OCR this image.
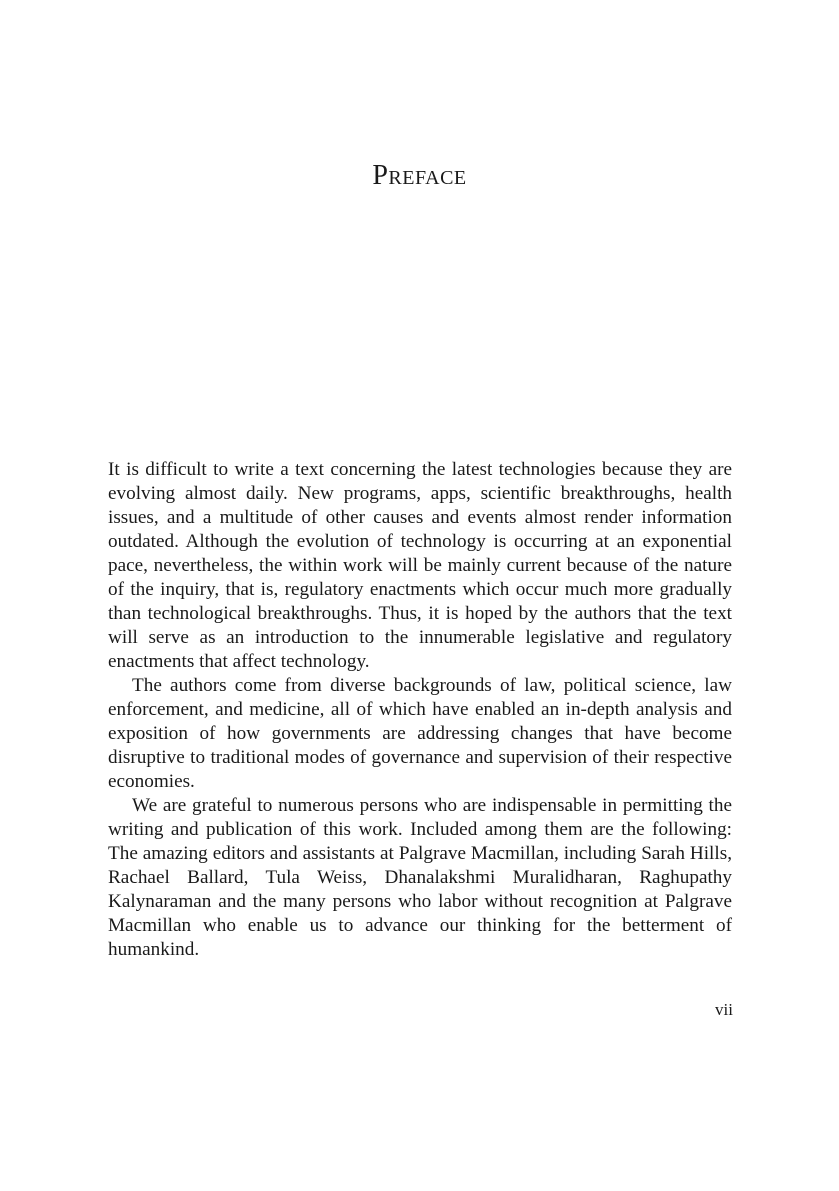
Preface

It is difficult to write a text concerning the latest technologies because they are evolving almost daily. New programs, apps, scientific breakthroughs, health issues, and a multitude of other causes and events almost render information outdated. Although the evolution of technology is occurring at an exponential pace, nevertheless, the within work will be mainly current because of the nature of the inquiry, that is, regulatory enactments which occur much more gradually than technological breakthroughs. Thus, it is hoped by the authors that the text will serve as an introduction to the innumerable legislative and regulatory enactments that affect technology.

The authors come from diverse backgrounds of law, political science, law enforcement, and medicine, all of which have enabled an in-depth analysis and exposition of how governments are addressing changes that have become disruptive to traditional modes of governance and supervision of their respective economies.

We are grateful to numerous persons who are indispensable in permitting the writing and publication of this work. Included among them are the following: The amazing editors and assistants at Palgrave Macmillan, including Sarah Hills, Rachael Ballard, Tula Weiss, Dhanalakshmi Muralidharan, Raghupathy Kalynaraman and the many persons who labor without recognition at Palgrave Macmillan who enable us to advance our thinking for the betterment of humankind.

vii
